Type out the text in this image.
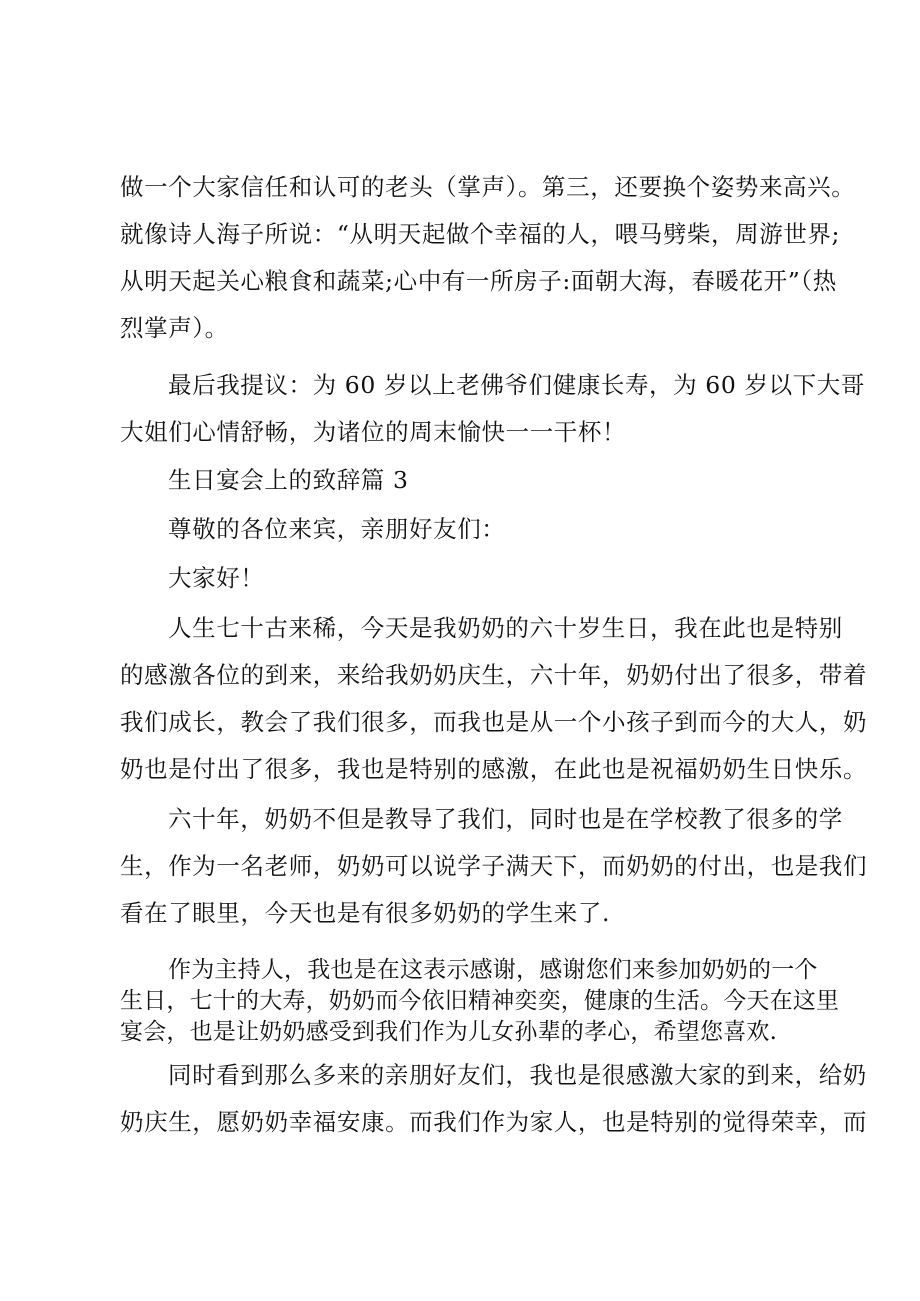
做一个大家信任和认可的老头（掌声）。第三，还要换个姿势来高兴。
就像诗人海子所说：“从明天起做个幸福的人，喂马劈柴，周游世界;
从明天起关心粮食和蔬菜;心中有一所房子:面朝大海，春暖花开”（热
烈掌声）。
最后我提议：为 60 岁以上老佛爷们健康长寿，为 60 岁以下大哥
大姐们心情舒畅，为诸位的周末愉快一一干杯！
生日宴会上的致辞篇 3
尊敬的各位来宾，亲朋好友们：
大家好！
人生七十古来稀，今天是我奶奶的六十岁生日，我在此也是特别
的感激各位的到来，来给我奶奶庆生，六十年，奶奶付出了很多，带着
我们成长，教会了我们很多，而我也是从一个小孩子到而今的大人，奶
奶也是付出了很多，我也是特别的感激，在此也是祝福奶奶生日快乐。
六十年，奶奶不但是教导了我们，同时也是在学校教了很多的学
生，作为一名老师，奶奶可以说学子满天下，而奶奶的付出，也是我们
看在了眼里，今天也是有很多奶奶的学生来了.
作为主持人，我也是在这表示感谢，感谢您们来参加奶奶的一个
生日，七十的大寿，奶奶而今依旧精神奕奕，健康的生活。今天在这里
宴会，也是让奶奶感受到我们作为儿女孙辈的孝心，希望您喜欢.
同时看到那么多来的亲朋好友们，我也是很感激大家的到来，给奶
奶庆生，愿奶奶幸福安康。而我们作为家人，也是特别的觉得荣幸，而
